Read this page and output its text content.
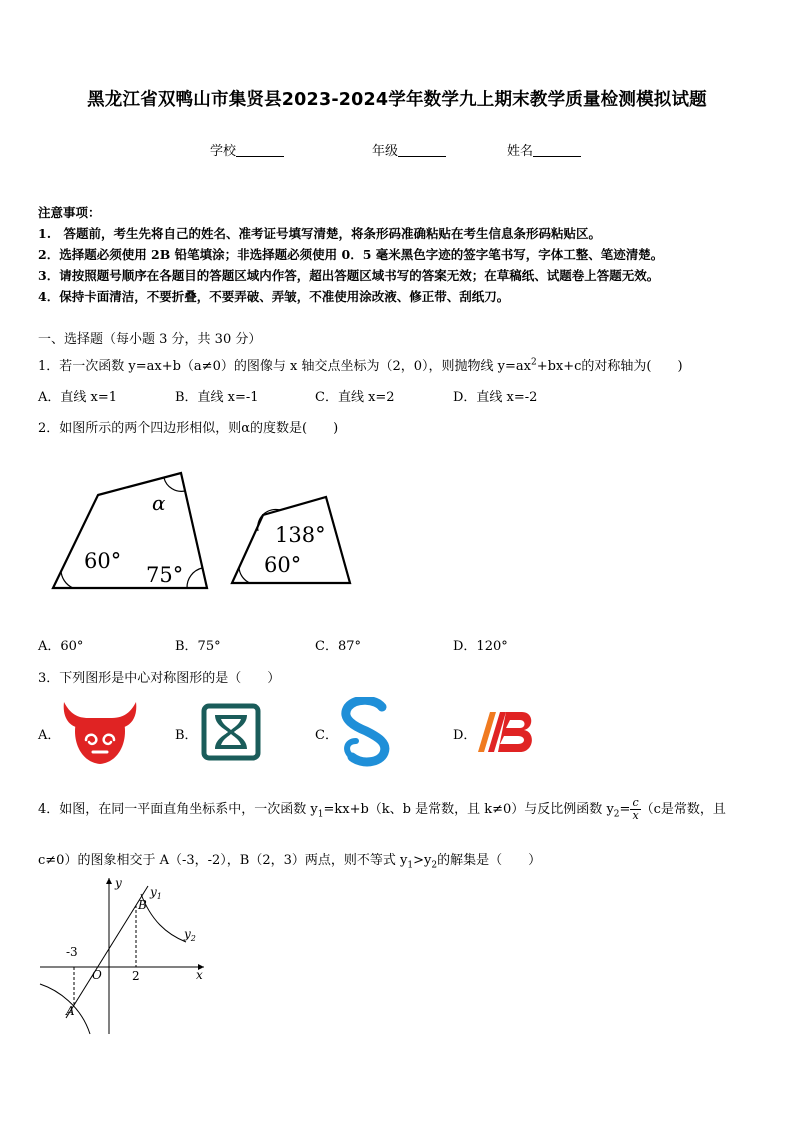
黑龙江省双鸭山市集贤县2023-2024学年数学九上期末教学质量检测模拟试题
学校	年级	姓名
注意事项：
1.　答题前，考生先将自己的姓名、准考证号填写清楚，将条形码准确粘贴在考生信息条形码粘贴区。
2．选择题必须使用 2B 铅笔填涂；非选择题必须使用 0．5 毫米黑色字迹的签字笔书写，字体工整、笔迹清楚。
3．请按照题号顺序在各题目的答题区域内作答，超出答题区域书写的答案无效；在草稿纸、试题卷上答题无效。
4．保持卡面清洁，不要折叠，不要弄破、弄皱，不准使用涂改液、修正带、刮纸刀。
一、选择题（每小题 3 分，共 30 分）
1．若一次函数 y=ax+b（a≠0）的图像与 x 轴交点坐标为（2，0），则抛物线 $y=ax^2+bx+c$的对称轴为(　　)
A．直线 x=1	B．直线 x=-1	C．直线 x=2	D．直线 x=-2
2．如图所示的两个四边形相似，则α的度数是(　　)
α
60°
75°
138°
60°
A．60°	B．75°	C．87°	D．120°
3．下列图形是中心对称图形的是（　　）
A．	B．	C．	D．
4．如图，在同一平面直角坐标系中，一次函数 $y_1=kx+b(k$、b 是常数，且 k≠0）与反比例函数 $y_2= \frac{c}{x} (c$是常数，且
c≠0）的图象相交于 A（-3，-2），B（2，3）两点，则不等式 $y_1>y_2$的解集是（　　）
y
$y_1$
$y_2$
B
A
O
-3
2	x
